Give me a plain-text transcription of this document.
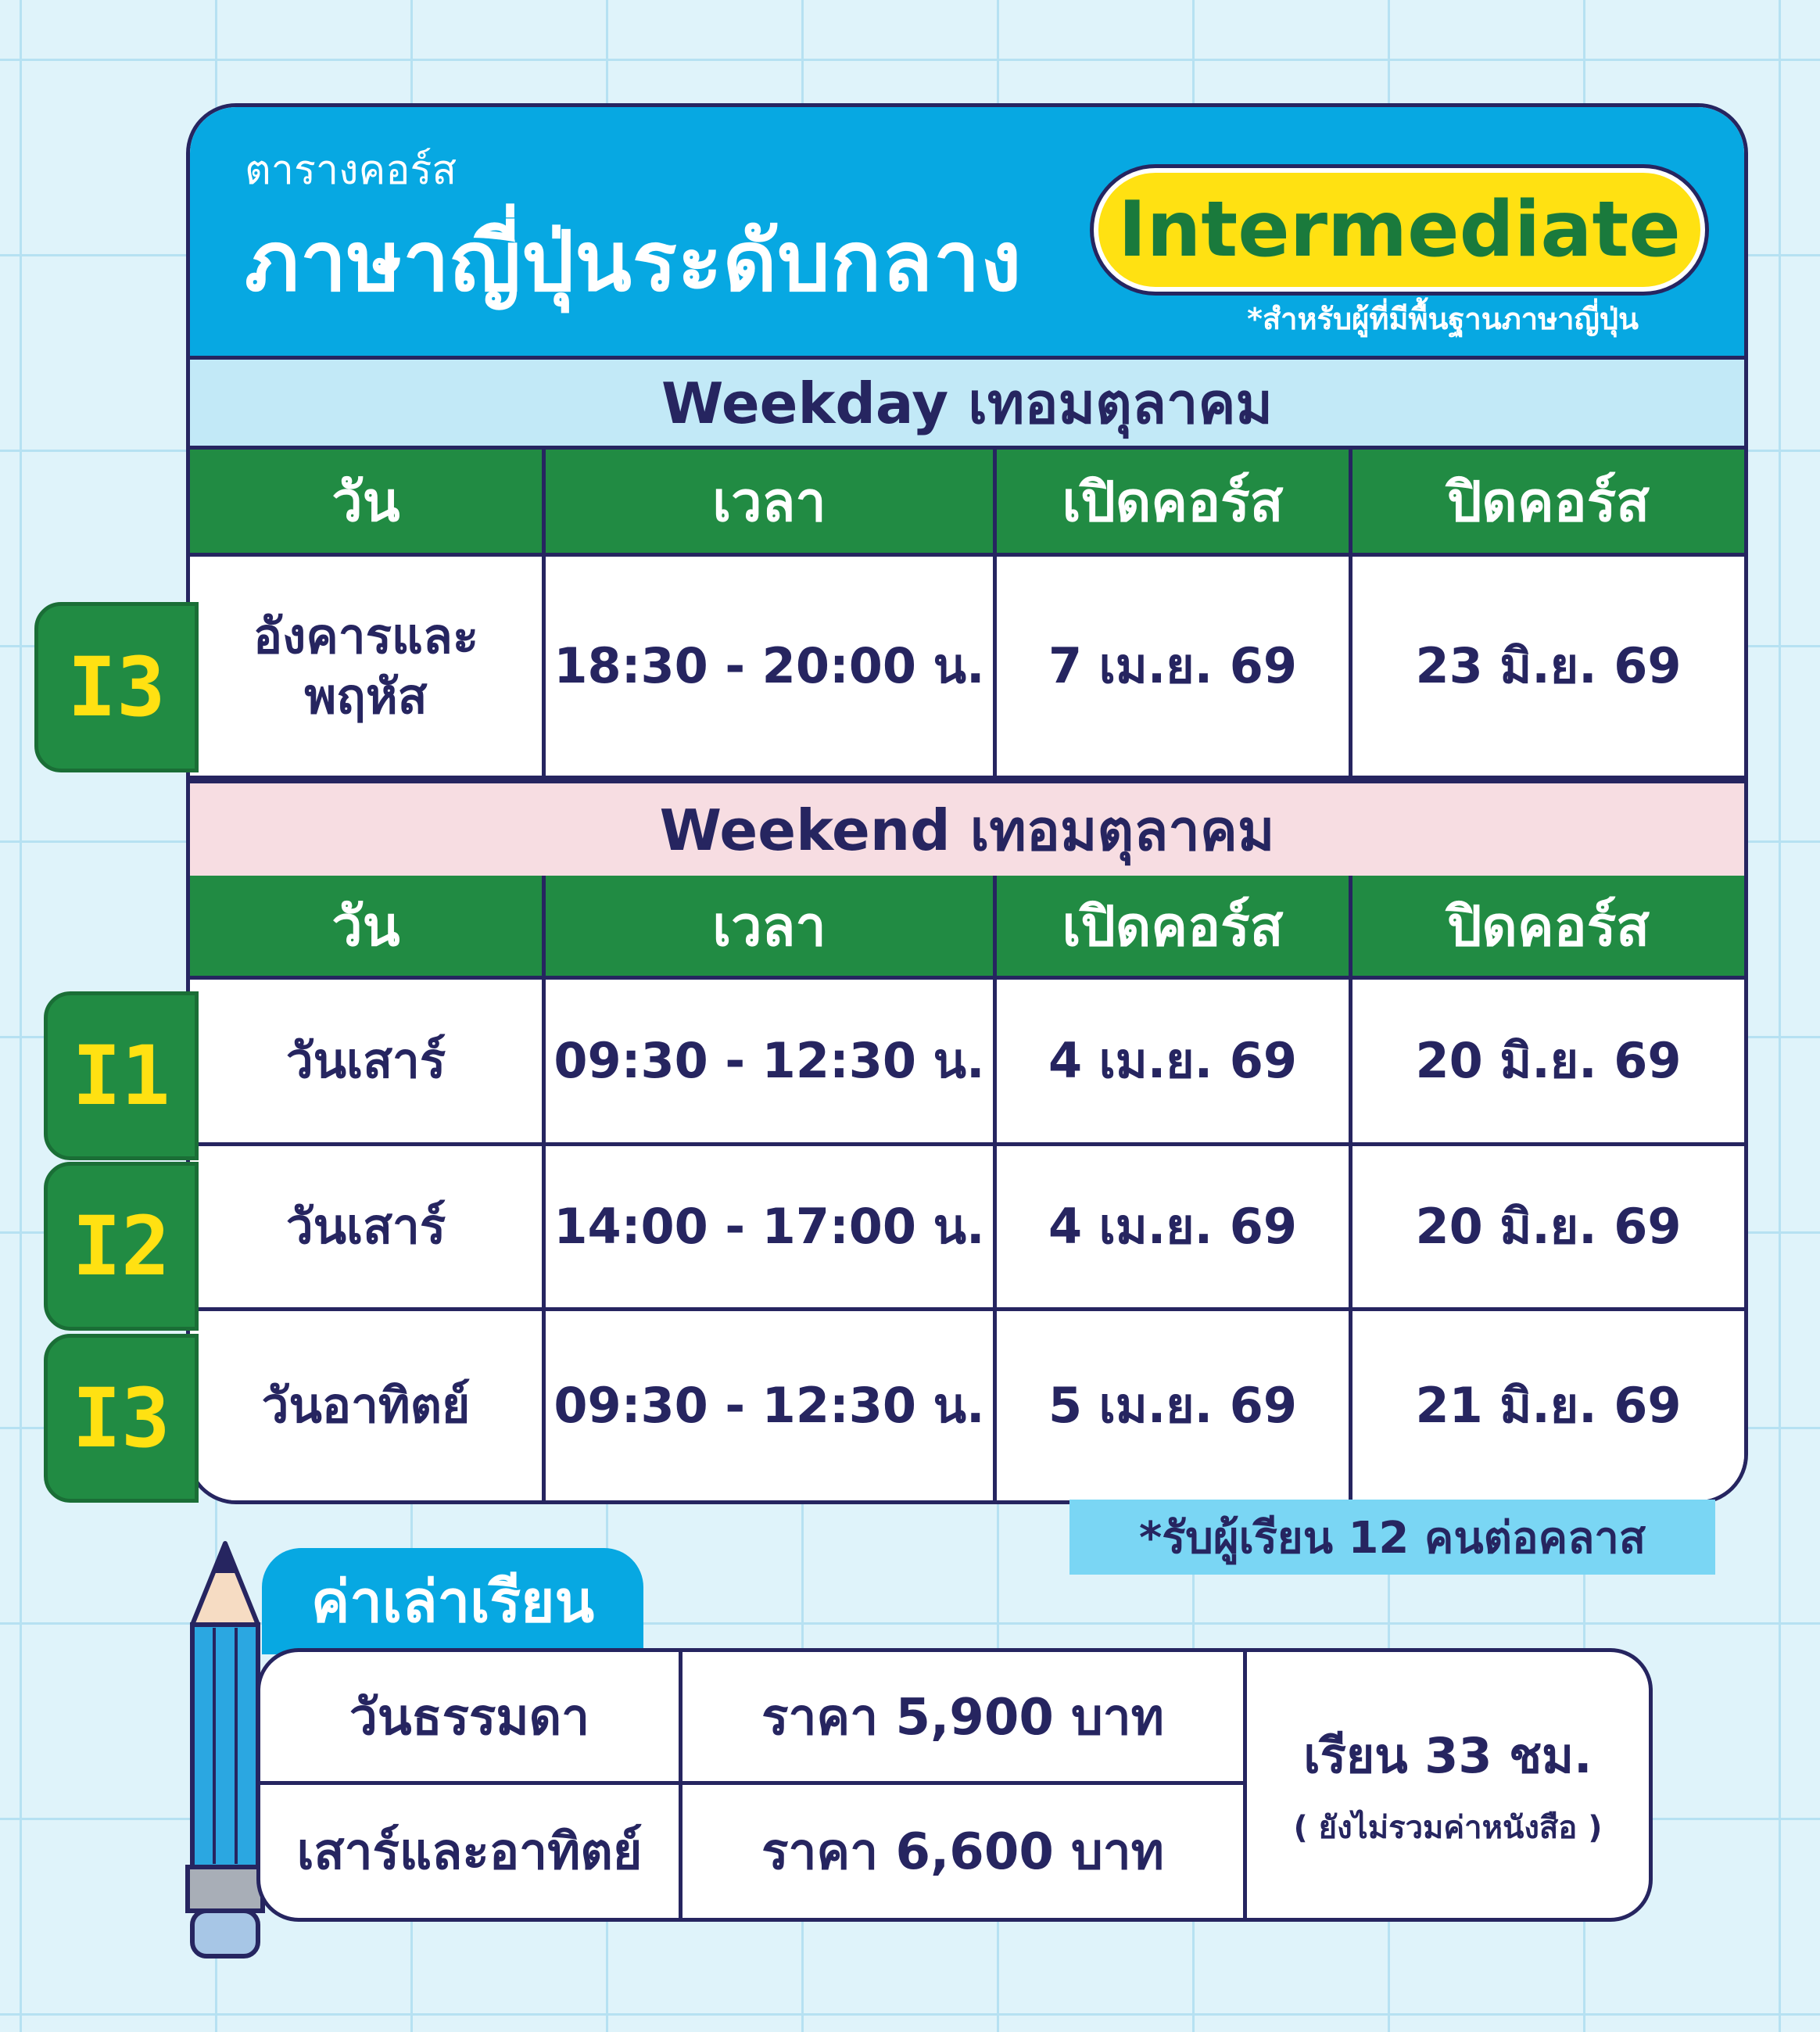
ตารางคอร์ส
ภาษาญี่ปุ่นระดับกลาง	Intermediate
*สำหรับผู้ที่มีพื้นฐานภาษาญี่ปุ่น
Weekday เทอมตุลาคม
วัน	เวลา	เปิดคอร์ส	ปิดคอร์ส
อังคารและ
พฤหัส
18:30 - 20:00 น.	7 เม.ย. 69	23 มิ.ย. 69
Weekend เทอมตุลาคม
วัน	เวลา	เปิดคอร์ส	ปิดคอร์ส
วันเสาร์	09:30 - 12:30 น.	4 เม.ย. 69	20 มิ.ย. 69
วันเสาร์	14:00 - 17:00 น.	4 เม.ย. 69	20 มิ.ย. 69
วันอาทิตย์	09:30 - 12:30 น.	5 เม.ย. 69	21 มิ.ย. 69
I3
I1
I2
I3
*รับผู้เรียน 12 คนต่อคลาส
ค่าเล่าเรียน
วันธรรมดา	ราคา 5,900 บาท
เสาร์และอาทิตย์	ราคา 6,600 บาท
เรียน 33 ชม.
( ยังไม่รวมค่าหนังสือ )
